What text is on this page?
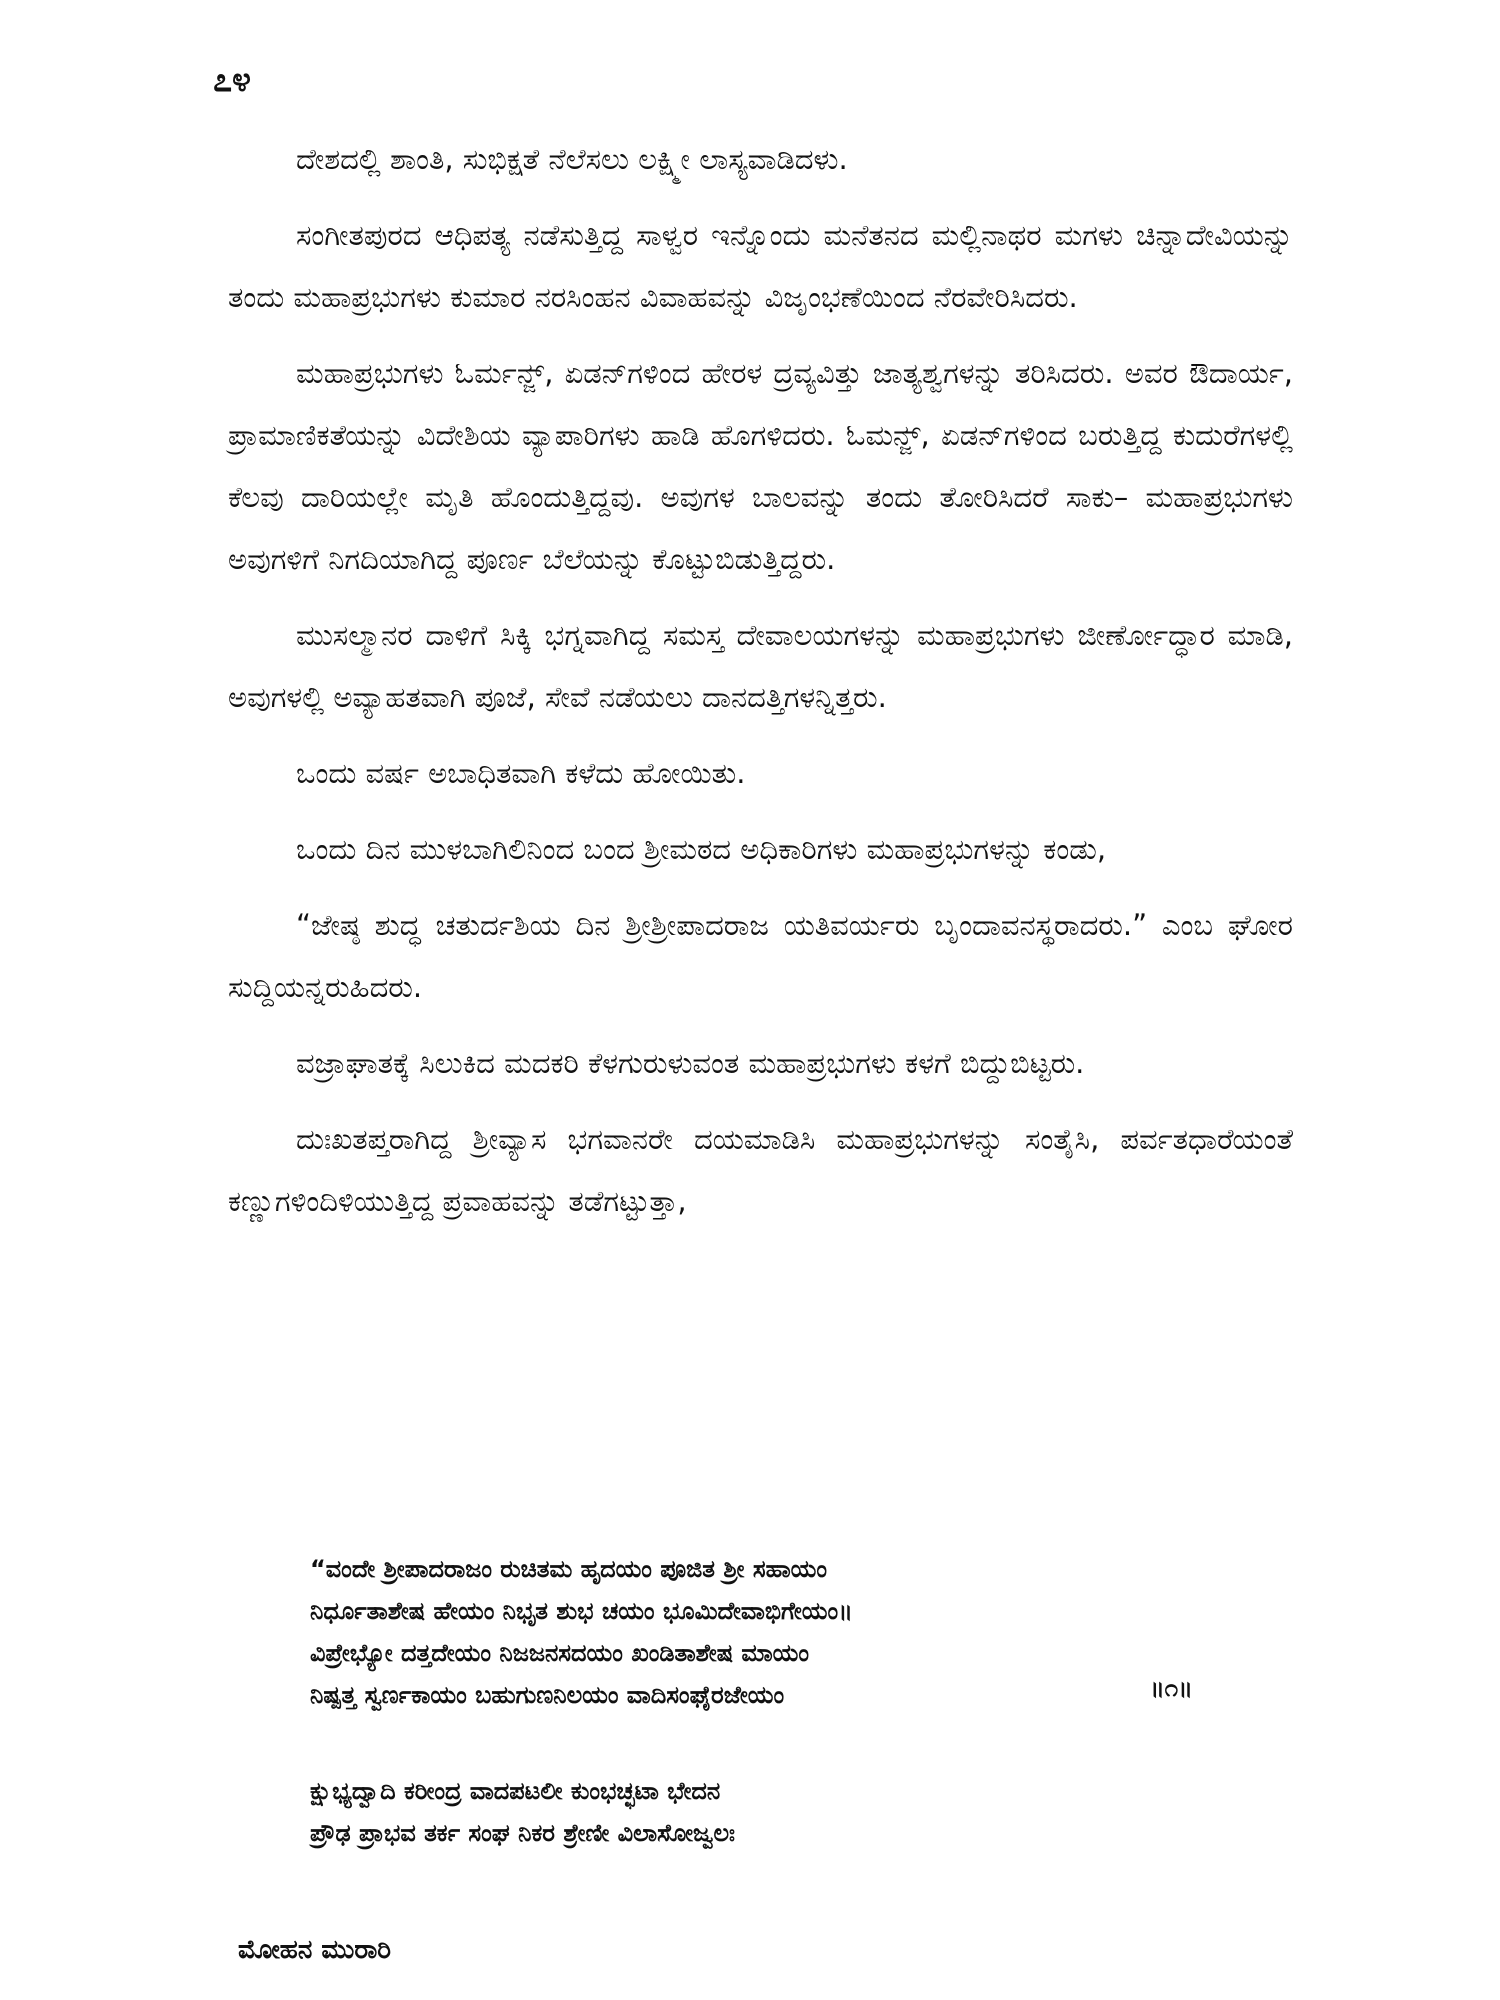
೭೪

ದೇಶದಲ್ಲಿ ಶಾಂತಿ, ಸುಭಿಕ್ಷತೆ ನೆಲೆಸಲು ಲಕ್ಷ್ಮೀ ಲಾಸ್ಯವಾಡಿದಳು.

ಸಂಗೀತಪುರದ ಆಧಿಪತ್ಯ ನಡೆಸುತ್ತಿದ್ದ ಸಾಳ್ವರ ಇನ್ನೊಂದು ಮನೆತನದ ಮಲ್ಲಿನಾಥರ ಮಗಳು ಚಿನ್ನಾದೇವಿಯನ್ನು ತಂದು ಮಹಾಪ್ರಭುಗಳು ಕುಮಾರ ನರಸಿಂಹನ ವಿವಾಹವನ್ನು ವಿಜೃಂಭಣೆಯಿಂದ ನೆರವೇರಿಸಿದರು.

ಮಹಾಪ್ರಭುಗಳು ಓರ್ಮನ್ಜ್, ಏಡನ್‌ಗಳಿಂದ ಹೇರಳ ದ್ರವ್ಯವಿತ್ತು ಜಾತ್ಯಶ್ವಗಳನ್ನು ತರಿಸಿದರು. ಅವರ ಔದಾರ್ಯ, ಪ್ರಾಮಾಣಿಕತೆಯನ್ನು ವಿದೇಶಿಯ ವ್ಯಾಪಾರಿಗಳು ಹಾಡಿ ಹೊಗಳಿದರು. ಓಮನ್ಜ್, ಏಡನ್‌ಗಳಿಂದ ಬರುತ್ತಿದ್ದ ಕುದುರೆಗಳಲ್ಲಿ ಕೆಲವು ದಾರಿಯಲ್ಲೇ ಮೃತಿ ಹೊಂದುತ್ತಿದ್ದವು. ಅವುಗಳ ಬಾಲವನ್ನು ತಂದು ತೋರಿಸಿದರೆ ಸಾಕು– ಮಹಾಪ್ರಭುಗಳು ಅವುಗಳಿಗೆ ನಿಗದಿಯಾಗಿದ್ದ ಪೂರ್ಣ ಬೆಲೆಯನ್ನು ಕೊಟ್ಟುಬಿಡುತ್ತಿದ್ದರು.

ಮುಸಲ್ಮಾನರ ದಾಳಿಗೆ ಸಿಕ್ಕಿ ಭಗ್ನವಾಗಿದ್ದ ಸಮಸ್ತ ದೇವಾಲಯಗಳನ್ನು ಮಹಾಪ್ರಭುಗಳು ಜೀರ್ಣೋದ್ಧಾರ ಮಾಡಿ, ಅವುಗಳಲ್ಲಿ ಅವ್ಯಾಹತವಾಗಿ ಪೂಜೆ, ಸೇವೆ ನಡೆಯಲು ದಾನದತ್ತಿಗಳನ್ನಿತ್ತರು.

ಒಂದು ವರ್ಷ ಅಬಾಧಿತವಾಗಿ ಕಳೆದು ಹೋಯಿತು.

ಒಂದು ದಿನ ಮುಳಬಾಗಿಲಿನಿಂದ ಬಂದ ಶ್ರೀಮಠದ ಅಧಿಕಾರಿಗಳು ಮಹಾಪ್ರಭುಗಳನ್ನು ಕಂಡು,

“ಜೇಷ್ಠ ಶುದ್ಧ ಚತುರ್ದಶಿಯ ದಿನ ಶ್ರೀಶ್ರೀಪಾದರಾಜ ಯತಿವರ್ಯರು ಬೃಂದಾವನಸ್ಥರಾದರು.” ಎಂಬ ಘೋರ ಸುದ್ದಿಯನ್ನರುಹಿದರು.

ವಜ್ರಾಘಾತಕ್ಕೆ ಸಿಲುಕಿದ ಮದಕರಿ ಕೆಳಗುರುಳುವಂತ ಮಹಾಪ್ರಭುಗಳು ಕಳಗೆ ಬಿದ್ದುಬಿಟ್ಟರು.

ದುಃಖತಪ್ತರಾಗಿದ್ದ ಶ್ರೀವ್ಯಾಸ ಭಗವಾನರೇ ದಯಮಾಡಿಸಿ ಮಹಾಪ್ರಭುಗಳನ್ನು ಸಂತೈಸಿ, ಪರ್ವತಧಾರೆಯಂತೆ ಕಣ್ಣುಗಳಿಂದಿಳಿಯುತ್ತಿದ್ದ ಪ್ರವಾಹವನ್ನು ತಡೆಗಟ್ಟುತ್ತಾ,

“ವಂದೇ ಶ್ರೀಪಾದರಾಜಂ ರುಚಿತಮ ಹೃದಯಂ ಪೂಜಿತ ಶ್ರೀ ಸಹಾಯಂ

ನಿರ್ಧೂತಾಶೇಷ ಹೇಯಂ ನಿಭೃತ ಶುಭ ಚಯಂ ಭೂಮಿದೇವಾಭಿಗೇಯಂ॥

ವಿಪ್ರೇಭ್ಯೋ ದತ್ತದೇಯಂ ನಿಜಜನಸದಯಂ ಖಂಡಿತಾಶೇಷ ಮಾಯಂ

ನಿಷ್ಪತ್ತ ಸ್ವರ್ಣಕಾಯಂ ಬಹುಗುಣನಿಲಯಂ ವಾದಿಸಂಘೈರಜೇಯಂ	॥೧॥

ಕ್ಷುಭ್ಯದ್ವಾದಿ ಕರೀಂದ್ರ ವಾದಪಟಲೀ ಕುಂಭಚ್ಛಟಾ ಭೇದನ

ಪ್ರೌಢ ಪ್ರಾಭವ ತರ್ಕ ಸಂಘ ನಿಕರ ಶ್ರೇಣೀ ವಿಲಾಸೋಜ್ವಲಃ

ಮೋಹನ ಮುರಾರಿ
